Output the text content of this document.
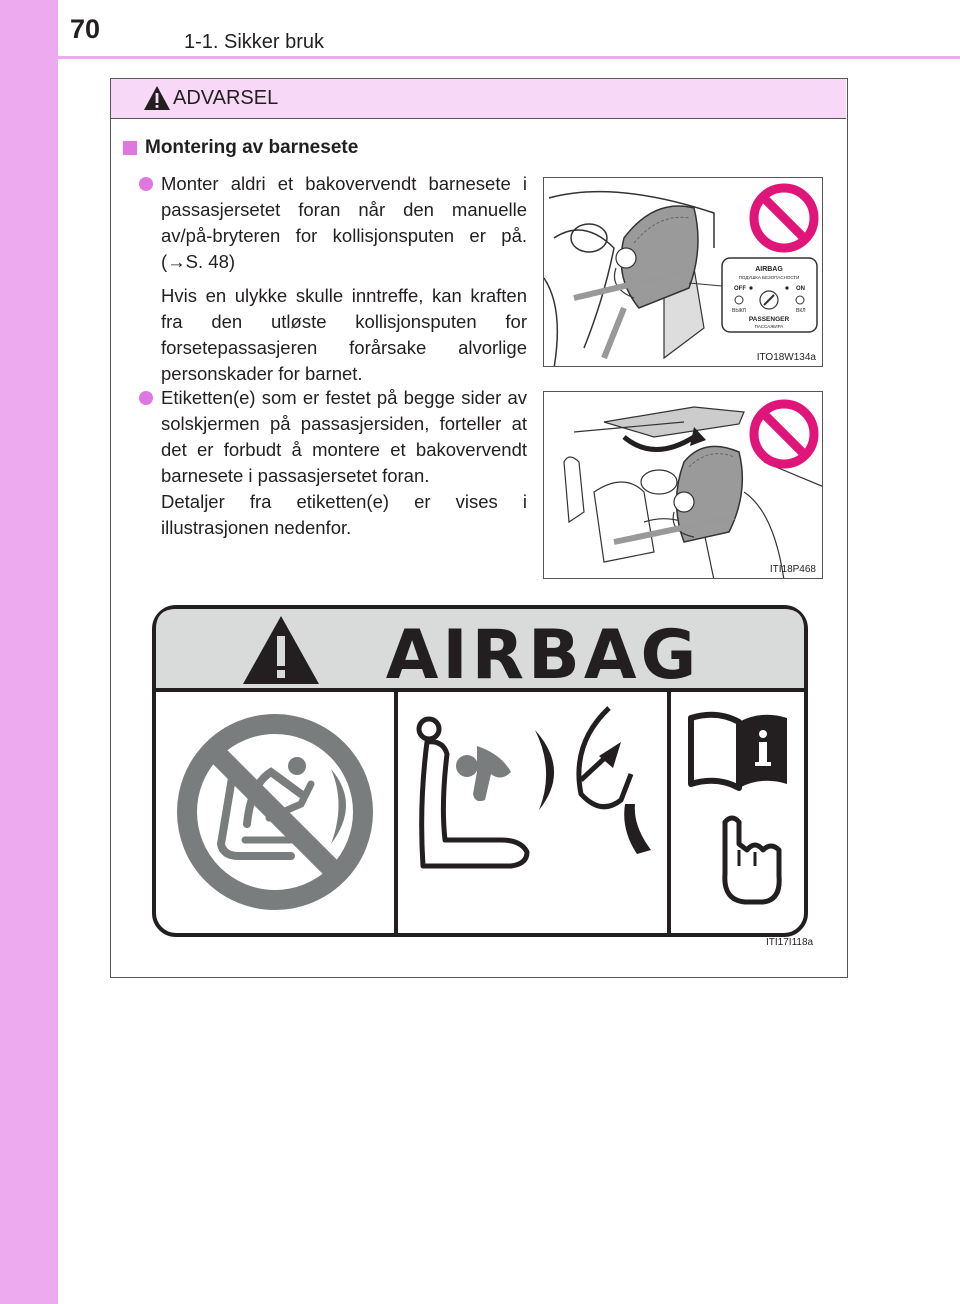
70	1-1. Sikker bruk
ADVARSEL
Montering av barnesete

Monter aldri et bakovervendt barnesete i passasjersetet foran når den manuelle av/på-bryteren for kollisjonsputen er på. (→S. 48)

Hvis en ulykke skulle inntreffe, kan kraften fra den utløste kollisjonsputen for forsetepassasjeren forårsake alvorlige personskader for barnet.

AIRBAG
ПОДУШКА БЕЗОПАСНОСТИ
OFF	ON
ВЫКЛ	ВКЛ
PASSENGER
ПАССАЖИРА
ITO18W134a

Etiketten(e) som er festet på begge sider av solskjermen på passasjersiden, forteller at det er forbudt å montere et bakovervendt barnesete i passasjersetet foran.

Detaljer fra etiketten(e) er vises i illustrasjonen nedenfor.

ITI18P468
AIRBAG
ITI17I118a
